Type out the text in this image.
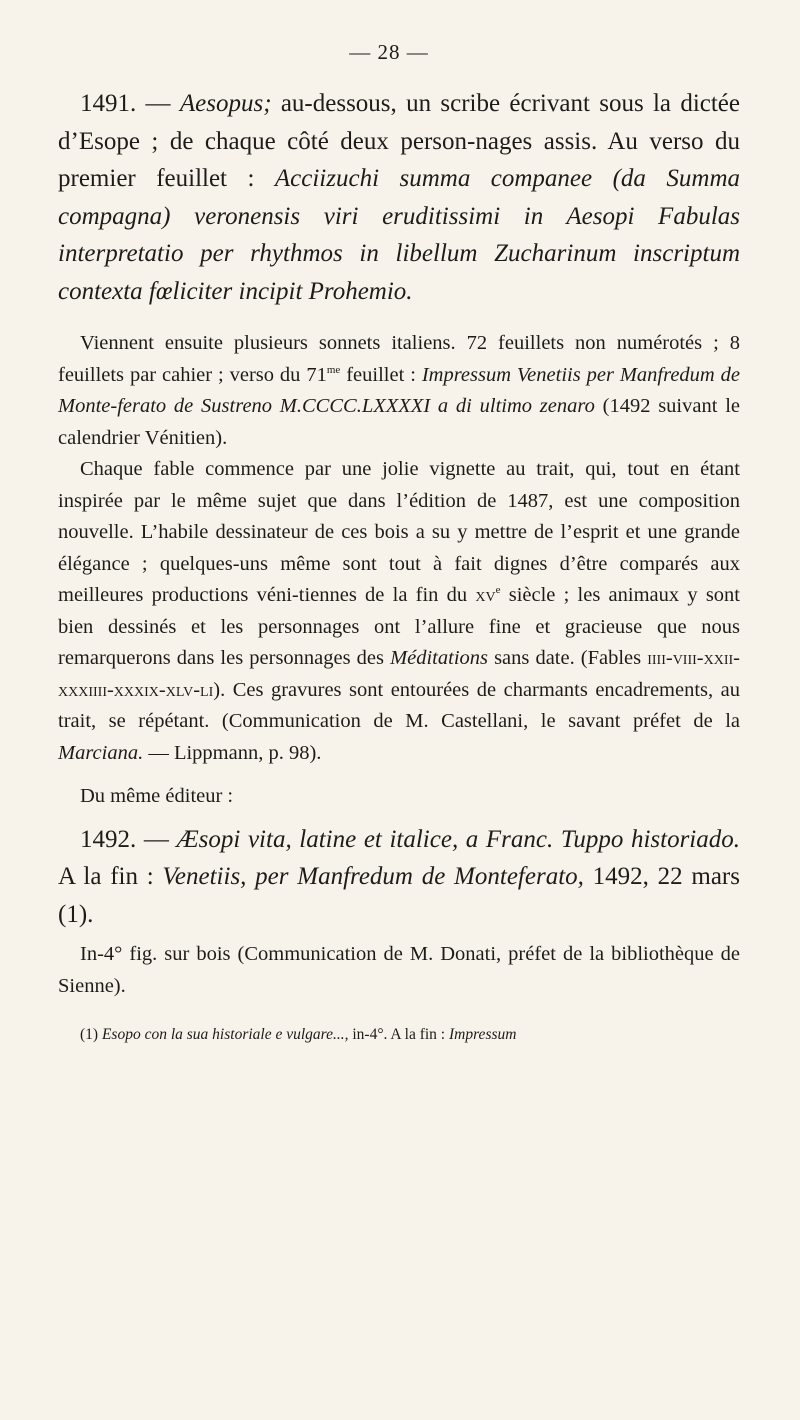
— 28 —

1491. — Aesopus; au-dessous, un scribe écrivant sous la dictée d’Esope ; de chaque côté deux person-nages assis. Au verso du premier feuillet : Acciizuchi summa companee (da Summa compagna) veronensis viri eruditissimi in Aesopi Fabulas interpretatio per rhythmos in libellum Zucharinum inscriptum contexta fœliciter incipit Prohemio.

Viennent ensuite plusieurs sonnets italiens. 72 feuillets non numérotés ; 8 feuillets par cahier ; verso du $71^{me}$ feuillet : Impressum Venetiis per Manfredum de Monte-ferato de Sustreno M.CCCC.LXXXXI a di ultimo zenaro (1492 suivant le calendrier Vénitien).

Chaque fable commence par une jolie vignette au trait, qui, tout en étant inspirée par le même sujet que dans l’édition de 1487, est une composition nouvelle. L’habile dessinateur de ces bois a su y mettre de l’esprit et une grande élégance ; quelques-uns même sont tout à fait dignes d’être comparés aux meilleures productions véni-tiennes de la fin du $xv^e$ siècle ; les animaux y sont bien dessinés et les personnages ont l’allure fine et gracieuse que nous remarquerons dans les personnages des Méditations sans date. (Fables iiii-viii-xxii-xxxiiii-xxxix-xlv-li). Ces gravures sont entourées de charmants encadrements, au trait, se répétant. (Communication de M. Castellani, le savant préfet de la Marciana. — Lippmann, p. 98).

Du même éditeur :

1492. — Æsopi vita, latine et italice, a Franc. Tuppo historiado. A la fin : Venetiis, per Manfredum de Monteferato, 1492, 22 mars (1).

In-4° fig. sur bois (Communication de M. Donati, préfet de la bibliothèque de Sienne).

(1) Esopo con la sua historiale e vulgare..., in-4°. A la fin : Impressum
